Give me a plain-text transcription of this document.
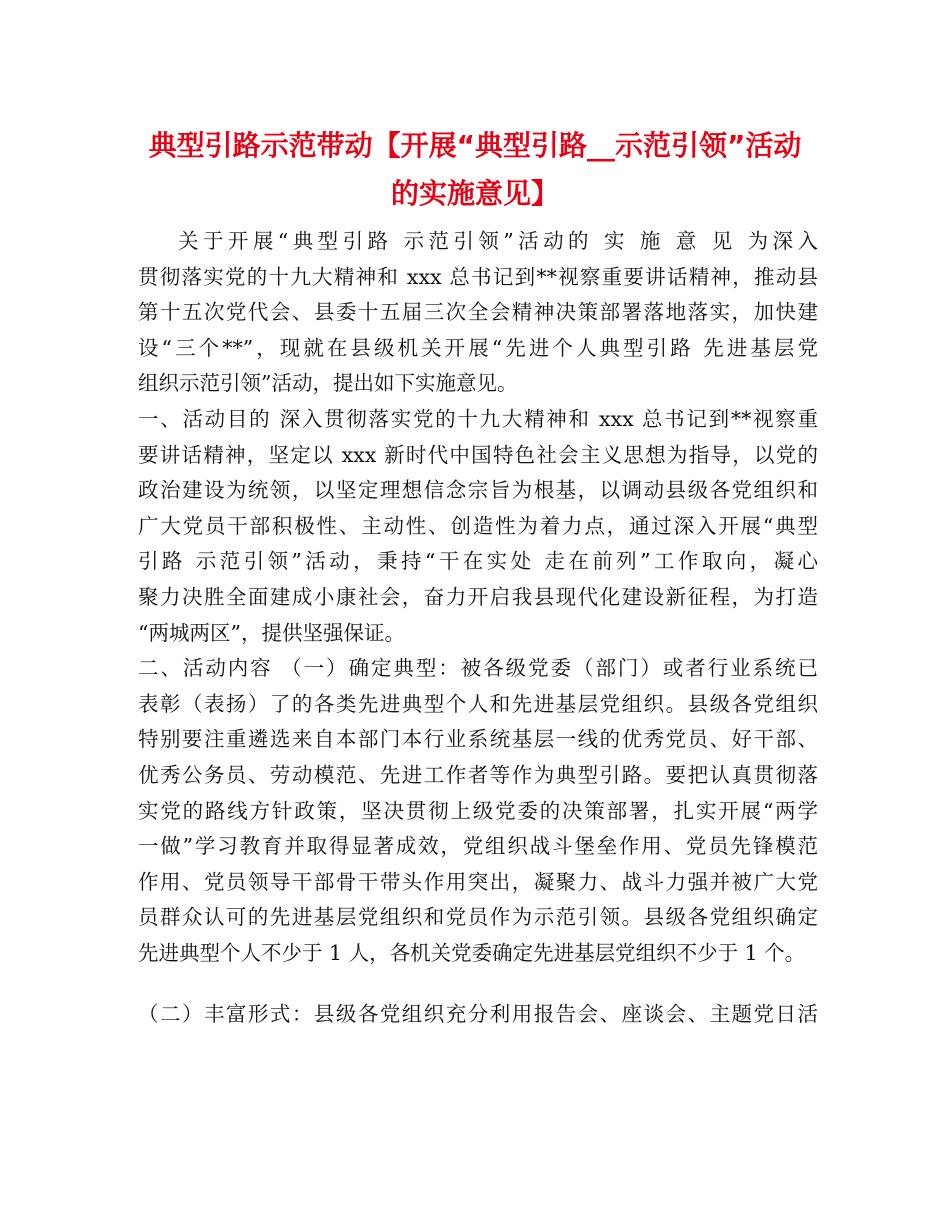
典型引路示范带动【开展“典型引路__示范引领”活动
的实施意见】
关于开展“典型引路 示范引领”活动的 实 施 意 见 为深入
贯彻落实党的十九大精神和 xxx 总书记到**视察重要讲话精神，推动县
第十五次党代会、县委十五届三次全会精神决策部署落地落实，加快建
设“三个**”，现就在县级机关开展“先进个人典型引路 先进基层党
组织示范引领”活动，提出如下实施意见。
一、活动目的 深入贯彻落实党的十九大精神和 xxx 总书记到**视察重
要讲话精神，坚定以 xxx 新时代中国特色社会主义思想为指导，以党的
政治建设为统领，以坚定理想信念宗旨为根基，以调动县级各党组织和
广大党员干部积极性、主动性、创造性为着力点，通过深入开展“典型
引路 示范引领”活动，秉持“干在实处 走在前列”工作取向，凝心
聚力决胜全面建成小康社会，奋力开启我县现代化建设新征程，为打造
“两城两区”，提供坚强保证。
二、活动内容 （一）确定典型：被各级党委（部门）或者行业系统已
表彰（表扬）了的各类先进典型个人和先进基层党组织。县级各党组织
特别要注重遴选来自本部门本行业系统基层一线的优秀党员、好干部、
优秀公务员、劳动模范、先进工作者等作为典型引路。要把认真贯彻落
实党的路线方针政策，坚决贯彻上级党委的决策部署，扎实开展“两学
一做”学习教育并取得显著成效，党组织战斗堡垒作用、党员先锋模范
作用、党员领导干部骨干带头作用突出，凝聚力、战斗力强并被广大党
员群众认可的先进基层党组织和党员作为示范引领。县级各党组织确定
先进典型个人不少于 1 人，各机关党委确定先进基层党组织不少于 1 个。
（二）丰富形式：县级各党组织充分利用报告会、座谈会、主题党日活
